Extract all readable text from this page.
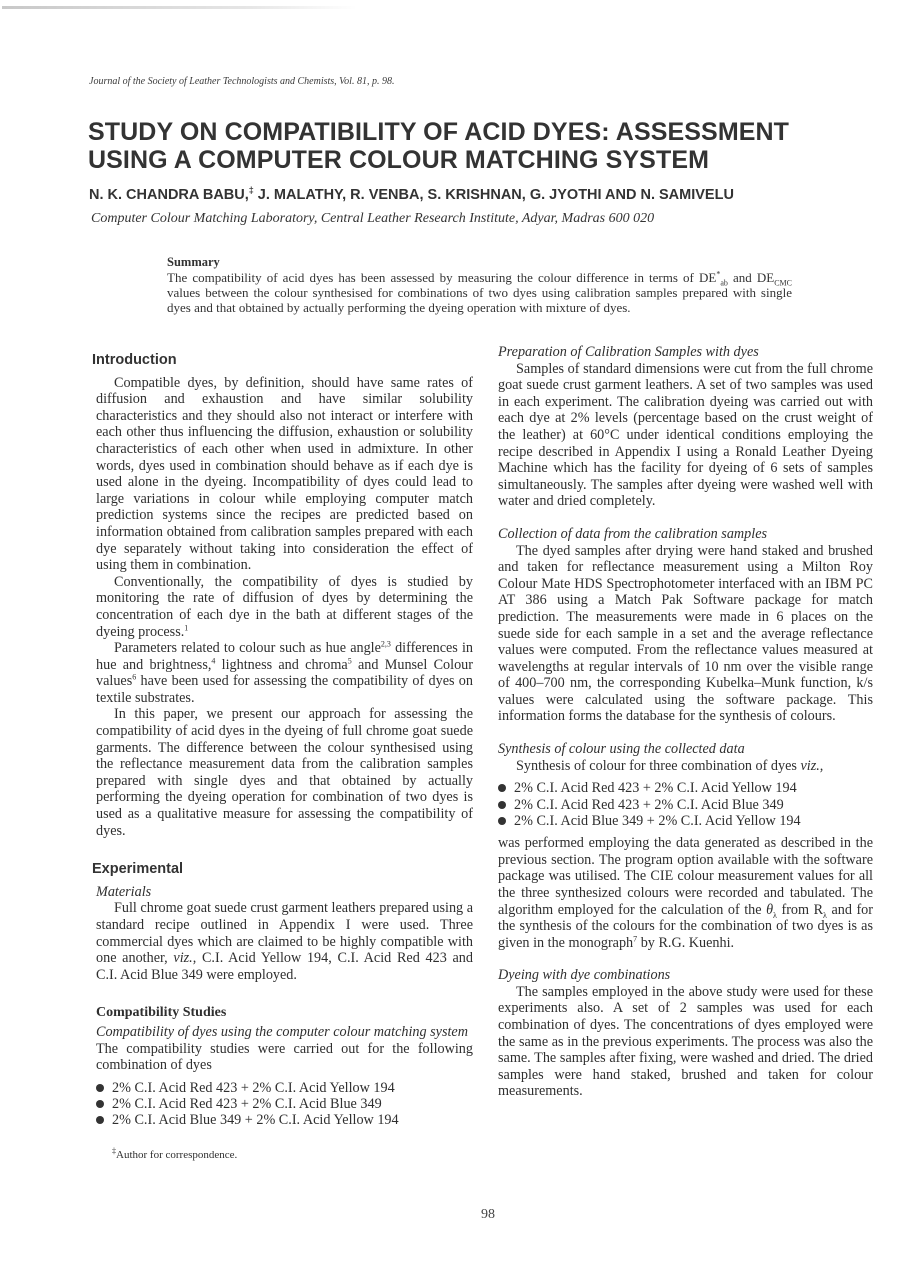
Journal of the Society of Leather Technologists and Chemists, Vol. 81, p. 98.
STUDY ON COMPATIBILITY OF ACID DYES: ASSESSMENT
USING A COMPUTER COLOUR MATCHING SYSTEM
N. K. CHANDRA BABU,‡ J. MALATHY, R. VENBA, S. KRISHNAN, G. JYOTHI AND N. SAMIVELU
Computer Colour Matching Laboratory, Central Leather Research Institute, Adyar, Madras 600 020
Summary

The compatibility of acid dyes has been assessed by measuring the colour difference in terms of $DE^*_{ab}$ and $DE_{CMC}$ values between the colour synthesised for combinations of two dyes using calibration samples prepared with single dyes and that obtained by actually performing the dyeing operation with mixture of dyes.

Introduction

Compatible dyes, by definition, should have same rates of diffusion and exhaustion and have similar solubility characteristics and they should also not interact or interfere with each other thus influencing the diffusion, exhaustion or solubility characteristics of each other when used in admixture. In other words, dyes used in combination should behave as if each dye is used alone in the dyeing. Incompatibility of dyes could lead to large variations in colour while employing computer match prediction systems since the recipes are predicted based on information obtained from calibration samples prepared with each dye separately without taking into consideration the effect of using them in combination.

Conventionally, the compatibility of dyes is studied by monitoring the rate of diffusion of dyes by determining the concentration of each dye in the bath at different stages of the dyeing process.$^1$

Parameters related to colour such as hue angle$^{2,3}$ differences in hue and brightness,$^4$ lightness and chroma$^5$ and Munsel Colour values$^6$ have been used for assessing the compatibility of dyes on textile substrates.

In this paper, we present our approach for assessing the compatibility of acid dyes in the dyeing of full chrome goat suede garments. The difference between the colour synthesised using the reflectance measurement data from the calibration samples prepared with single dyes and that obtained by actually performing the dyeing operation for combination of two dyes is used as a qualitative measure for assessing the compatibility of dyes.

Experimental

Materials

Full chrome goat suede crust garment leathers prepared using a standard recipe outlined in Appendix I were used. Three commercial dyes which are claimed to be highly compatible with one another, viz., C.I. Acid Yellow 194, C.I. Acid Red 423 and C.I. Acid Blue 349 were employed.

Compatibility Studies

Compatibility of dyes using the computer colour matching system

The compatibility studies were carried out for the following combination of dyes

2% C.I. Acid Red 423 + 2% C.I. Acid Yellow 194
2% C.I. Acid Red 423 + 2% C.I. Acid Blue 349
2% C.I. Acid Blue 349 + 2% C.I. Acid Yellow 194
‡Author for correspondence.

Preparation of Calibration Samples with dyes

Samples of standard dimensions were cut from the full chrome goat suede crust garment leathers. A set of two samples was used in each experiment. The calibration dyeing was carried out with each dye at 2% levels (percentage based on the crust weight of the leather) at 60°C under identical conditions employing the recipe described in Appendix I using a Ronald Leather Dyeing Machine which has the facility for dyeing of 6 sets of samples simultaneously. The samples after dyeing were washed well with water and dried completely.

Collection of data from the calibration samples

The dyed samples after drying were hand staked and brushed and taken for reflectance measurement using a Milton Roy Colour Mate HDS Spectrophotometer interfaced with an IBM PC AT 386 using a Match Pak Software package for match prediction. The measurements were made in 6 places on the suede side for each sample in a set and the average reflectance values were computed. From the reflectance values measured at wavelengths at regular intervals of 10 nm over the visible range of 400–700 nm, the corresponding Kubelka–Munk function, k/s values were calculated using the software package. This information forms the database for the synthesis of colours.

Synthesis of colour using the collected data

Synthesis of colour for three combination of dyes viz.,

2% C.I. Acid Red 423 + 2% C.I. Acid Yellow 194
2% C.I. Acid Red 423 + 2% C.I. Acid Blue 349
2% C.I. Acid Blue 349 + 2% C.I. Acid Yellow 194

was performed employing the data generated as described in the previous section. The program option available with the software package was utilised. The CIE colour measurement values for all the three synthesized colours were recorded and tabulated. The algorithm employed for the calculation of the $\theta_\lambda$ from $R_\lambda$ and for the synthesis of the colours for the combination of two dyes is as given in the monograph$^7$ by R.G. Kuenhi.

Dyeing with dye combinations

The samples employed in the above study were used for these experiments also. A set of 2 samples was used for each combination of dyes. The concentrations of dyes employed were the same as in the previous experiments. The process was also the same. The samples after fixing, were washed and dried. The dried samples were hand staked, brushed and taken for colour measurements.

98
